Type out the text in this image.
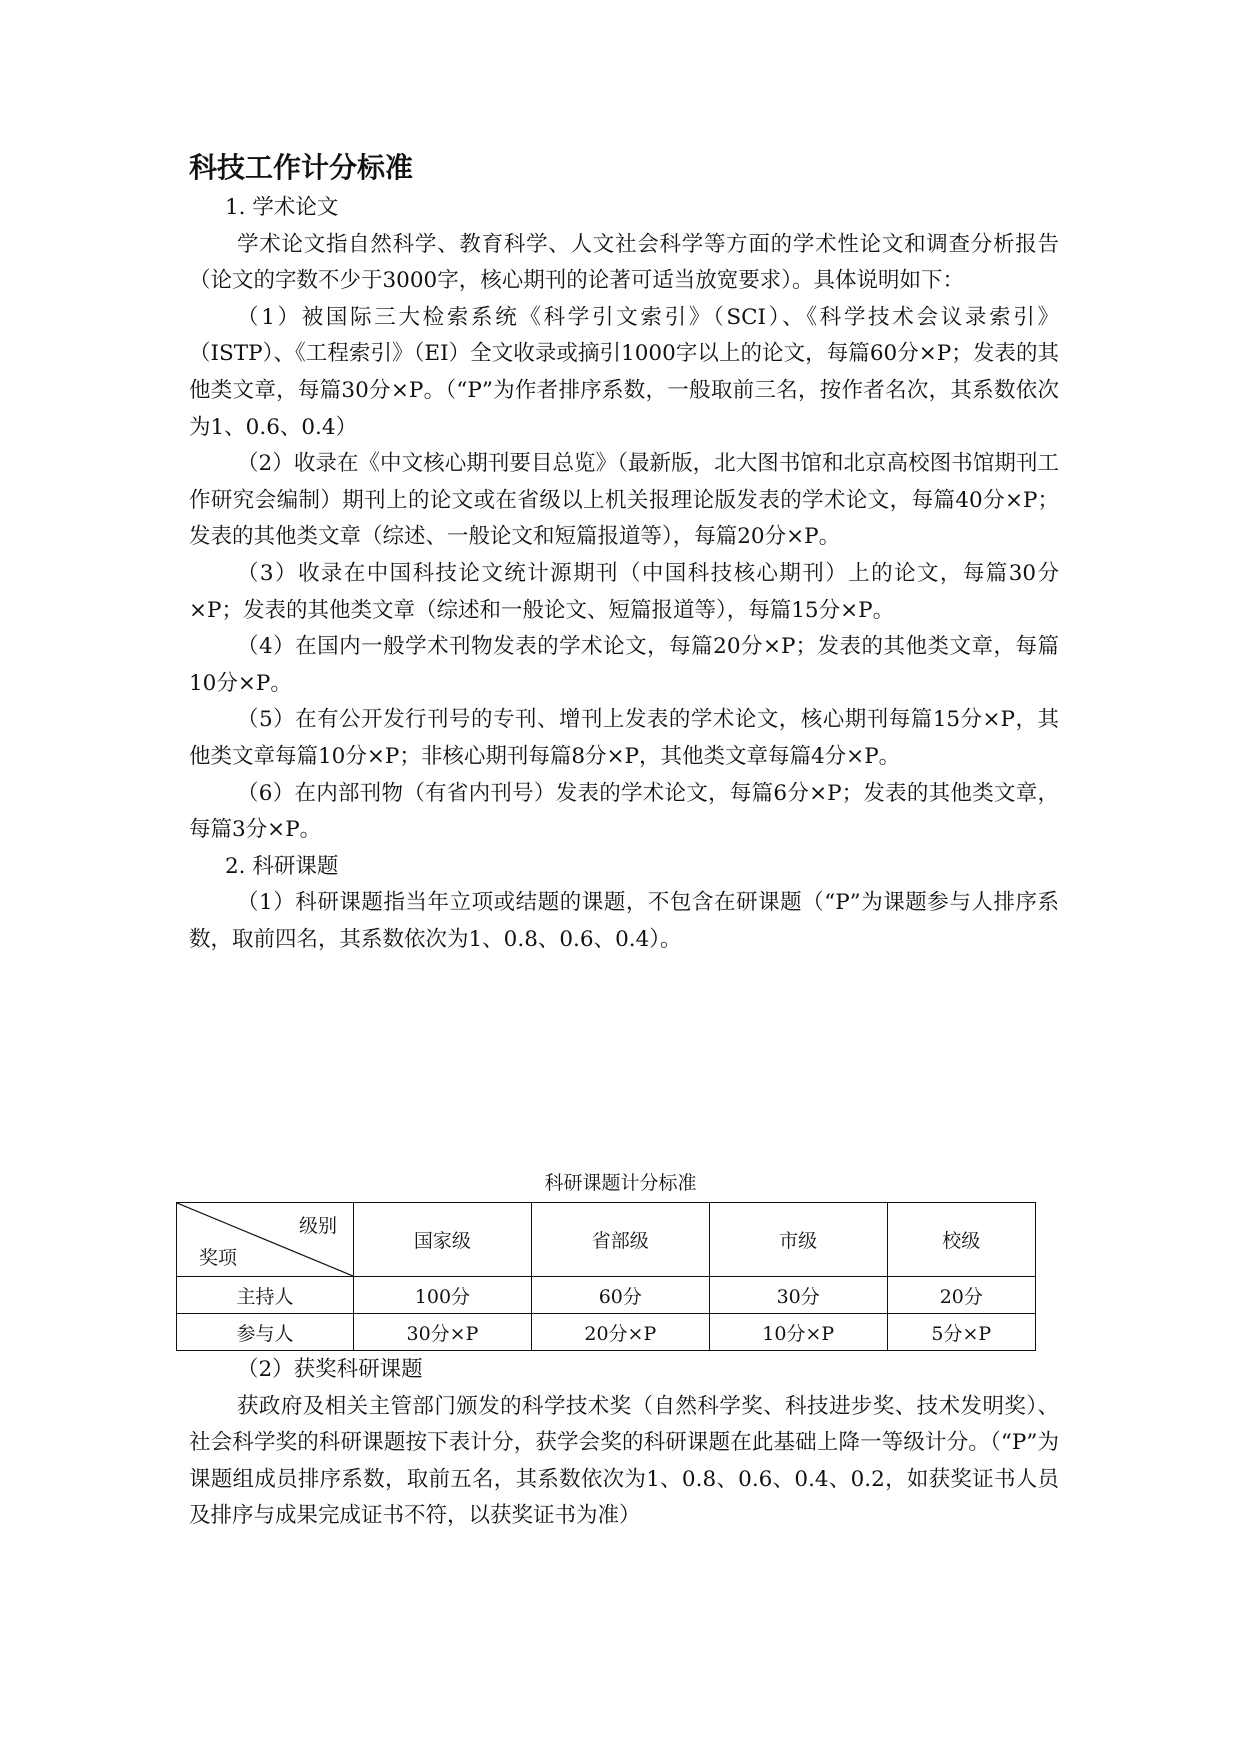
科技工作计分标准

1. 学术论文

学术论文指自然科学、教育科学、人文社会科学等方面的学术性论文和调查分析报告（论文的字数不少于3000字，核心期刊的论著可适当放宽要求）。具体说明如下：

（1）被国际三大检索系统《科学引文索引》（SCI）、《科学技术会议录索引》（ISTP）、《工程索引》（EI）全文收录或摘引1000字以上的论文，每篇60分×P；发表的其他类文章，每篇30分×P。（“P”为作者排序系数，一般取前三名，按作者名次，其系数依次为1、0.6、0.4）

（2）收录在《中文核心期刊要目总览》（最新版，北大图书馆和北京高校图书馆期刊工作研究会编制）期刊上的论文或在省级以上机关报理论版发表的学术论文，每篇40分×P；发表的其他类文章（综述、一般论文和短篇报道等），每篇20分×P。

（3）收录在中国科技论文统计源期刊（中国科技核心期刊）上的论文，每篇30分×P；发表的其他类文章（综述和一般论文、短篇报道等），每篇15分×P。

（4）在国内一般学术刊物发表的学术论文，每篇20分×P；发表的其他类文章，每篇10分×P。

（5）在有公开发行刊号的专刊、增刊上发表的学术论文，核心期刊每篇15分×P，其他类文章每篇10分×P；非核心期刊每篇8分×P，其他类文章每篇4分×P。

（6）在内部刊物（有省内刊号）发表的学术论文，每篇6分×P；发表的其他类文章，每篇3分×P。

2. 科研课题

（1）科研课题指当年立项或结题的课题，不包含在研课题（“P”为课题参与人排序系数，取前四名，其系数依次为1、0.8、0.6、0.4）。

科研课题计分标准
级别
奖项	国家级	省部级	市级	校级
主持人	100分	60分	30分	20分
参与人	30分×P	20分×P	10分×P	5分×P

（2）获奖科研课题

获政府及相关主管部门颁发的科学技术奖（自然科学奖、科技进步奖、技术发明奖）、社会科学奖的科研课题按下表计分，获学会奖的科研课题在此基础上降一等级计分。（“P”为课题组成员排序系数，取前五名，其系数依次为1、0.8、0.6、0.4、0.2，如获奖证书人员及排序与成果完成证书不符，以获奖证书为准）
